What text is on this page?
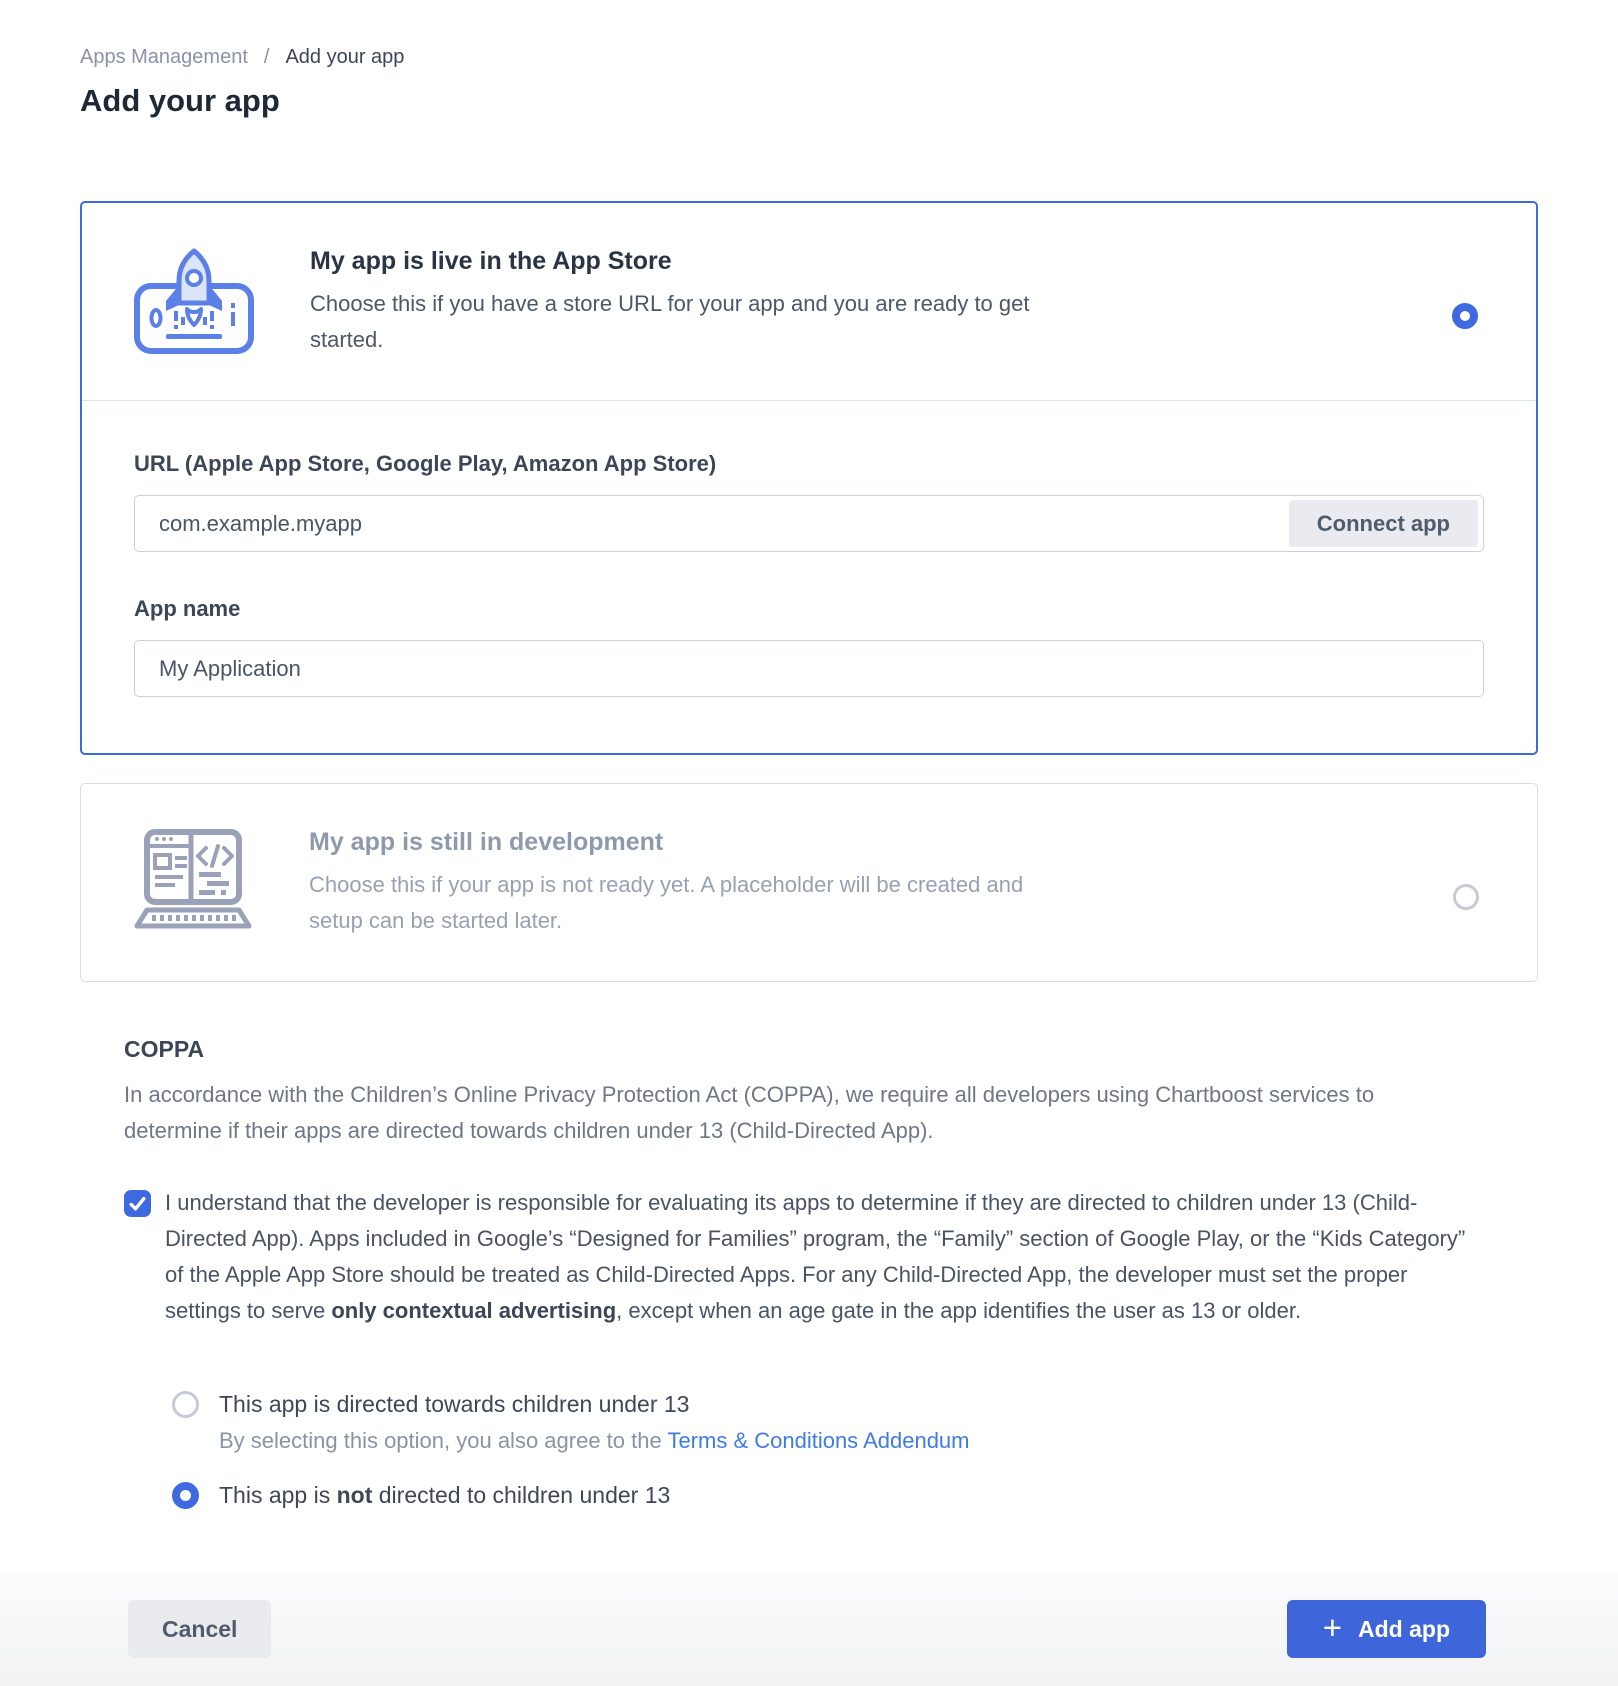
Apps Management / Add your app
Add your app
My app is live in the App Store
Choose this if you have a store URL for your app and you are ready to get started.
URL (Apple App Store, Google Play, Amazon App Store)
com.example.myapp
Connect app
App name
My Application
My app is still in development
Choose this if your app is not ready yet. A placeholder will be created and setup can be started later.
COPPA

In accordance with the Children’s Online Privacy Protection Act (COPPA), we require all developers using Chartboost services to determine if their apps are directed towards children under 13 (Child-Directed App).

I understand that the developer is responsible for evaluating its apps to determine if they are directed to children under 13 (Child-Directed App). Apps included in Google’s “Designed for Families” program, the “Family” section of Google Play, or the “Kids Category” of the Apple App Store should be treated as Child-Directed Apps. For any Child-Directed App, the developer must set the proper settings to serve only contextual advertising, except when an age gate in the app identifies the user as 13 or older.

This app is directed towards children under 13
By selecting this option, you also agree to the Terms & Conditions Addendum
This app is not directed to children under 13
Cancel	+ Add app
